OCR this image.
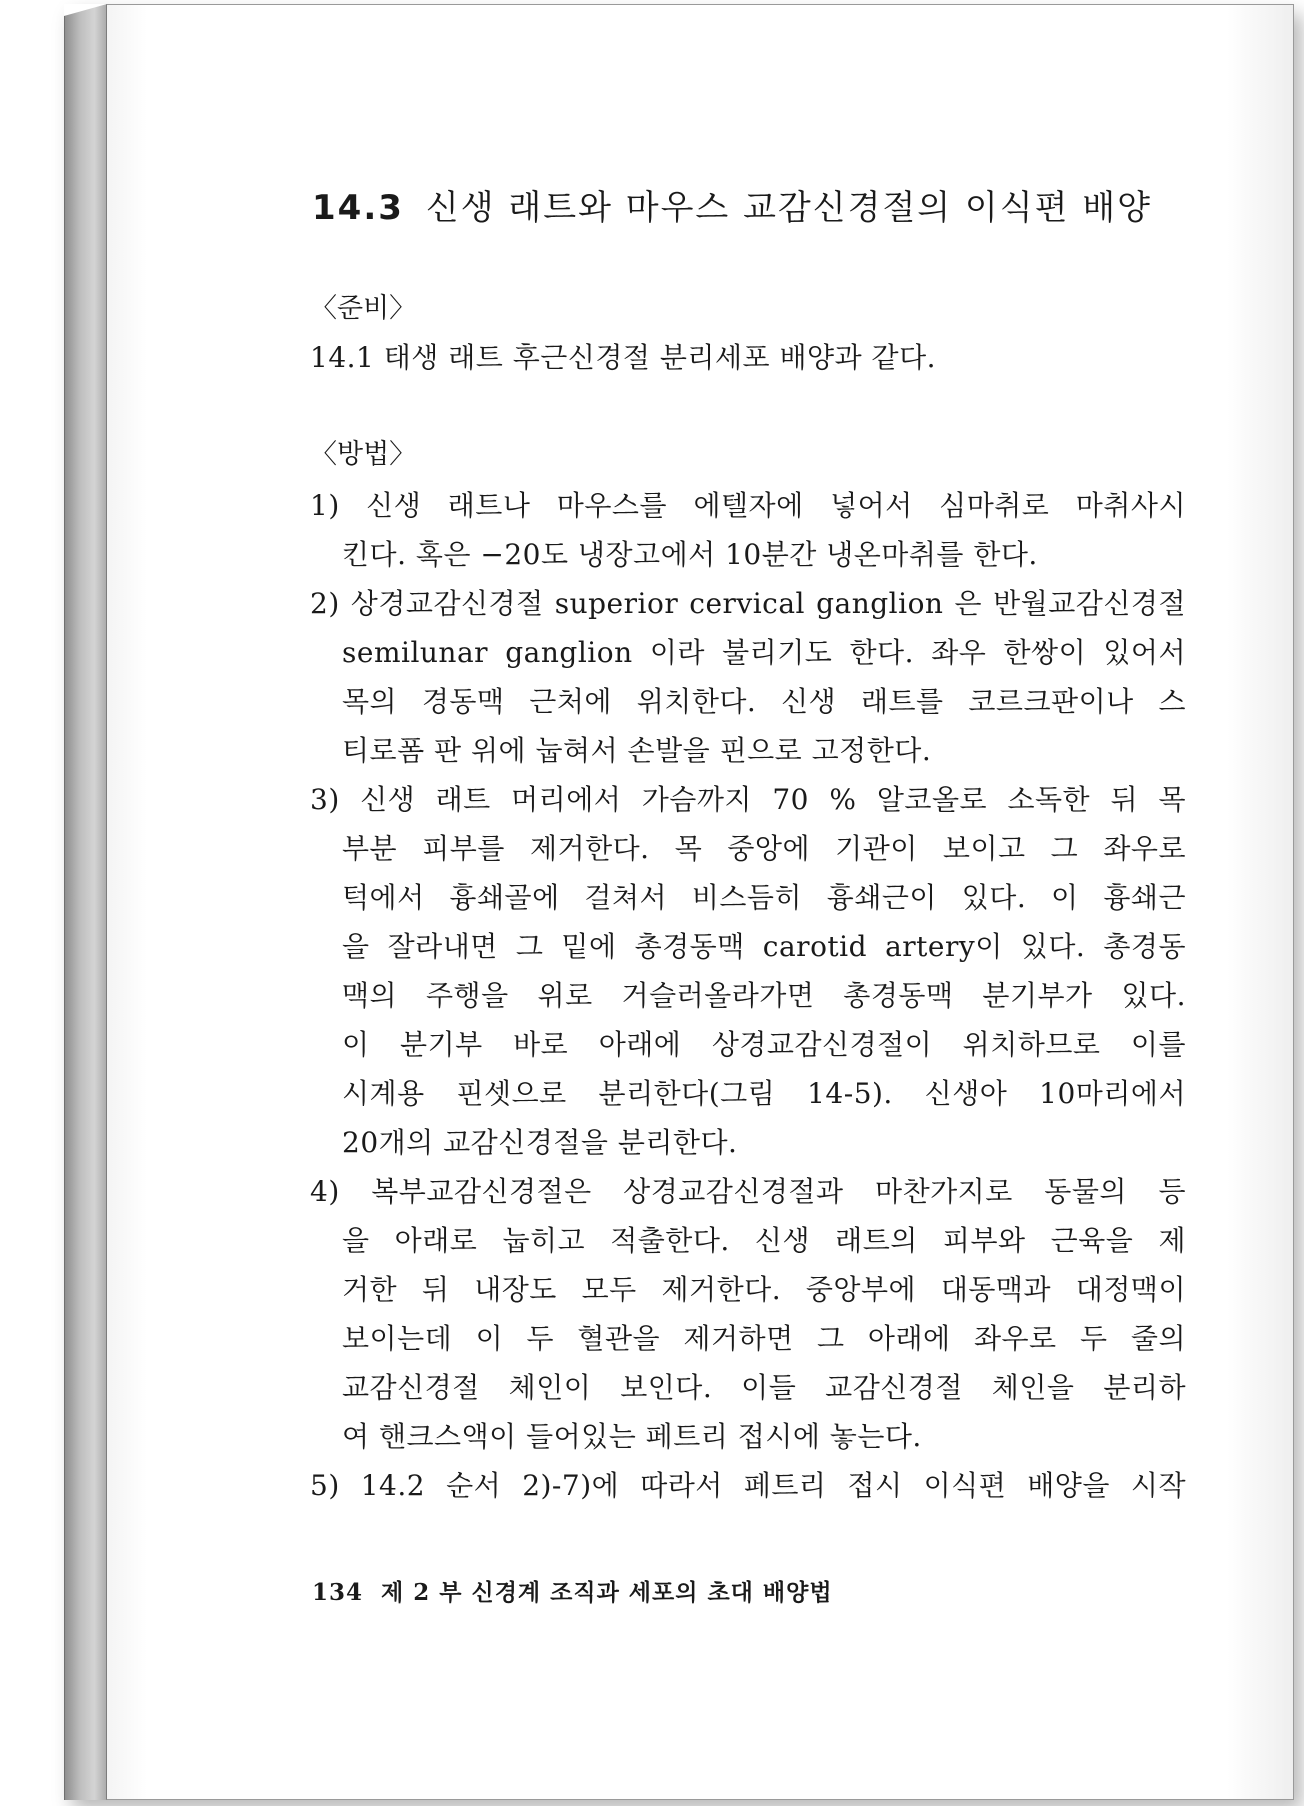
14.3 신생 래트와 마우스 교감신경절의 이식편 배양
〈준비〉
14.1 태생 래트 후근신경절 분리세포 배양과 같다.
〈방법〉
1) 신생 래트나 마우스를 에텔자에 넣어서 심마취로 마취사시
킨다. 혹은 −20도 냉장고에서 10분간 냉온마취를 한다.
2) 상경교감신경절 superior cervical ganglion 은 반월교감신경절
semilunar ganglion 이라 불리기도 한다. 좌우 한쌍이 있어서
목의 경동맥 근처에 위치한다. 신생 래트를 코르크판이나 스
티로폼 판 위에 눕혀서 손발을 핀으로 고정한다.
3) 신생 래트 머리에서 가슴까지 70 % 알코올로 소독한 뒤 목
부분 피부를 제거한다. 목 중앙에 기관이 보이고 그 좌우로
턱에서 흉쇄골에 걸쳐서 비스듬히 흉쇄근이 있다. 이 흉쇄근
을 잘라내면 그 밑에 총경동맥 carotid artery이 있다. 총경동
맥의 주행을 위로 거슬러올라가면 총경동맥 분기부가 있다.
이 분기부 바로 아래에 상경교감신경절이 위치하므로 이를
시계용 핀셋으로 분리한다(그림 14-5). 신생아 10마리에서
20개의 교감신경절을 분리한다.
4) 복부교감신경절은 상경교감신경절과 마찬가지로 동물의 등
을 아래로 눕히고 적출한다. 신생 래트의 피부와 근육을 제
거한 뒤 내장도 모두 제거한다. 중앙부에 대동맥과 대정맥이
보이는데 이 두 혈관을 제거하면 그 아래에 좌우로 두 줄의
교감신경절 체인이 보인다. 이들 교감신경절 체인을 분리하
여 핸크스액이 들어있는 페트리 접시에 놓는다.
5) 14.2 순서 2)-7)에 따라서 페트리 접시 이식편 배양을 시작
134 제 2 부 신경계 조직과 세포의 초대 배양법
